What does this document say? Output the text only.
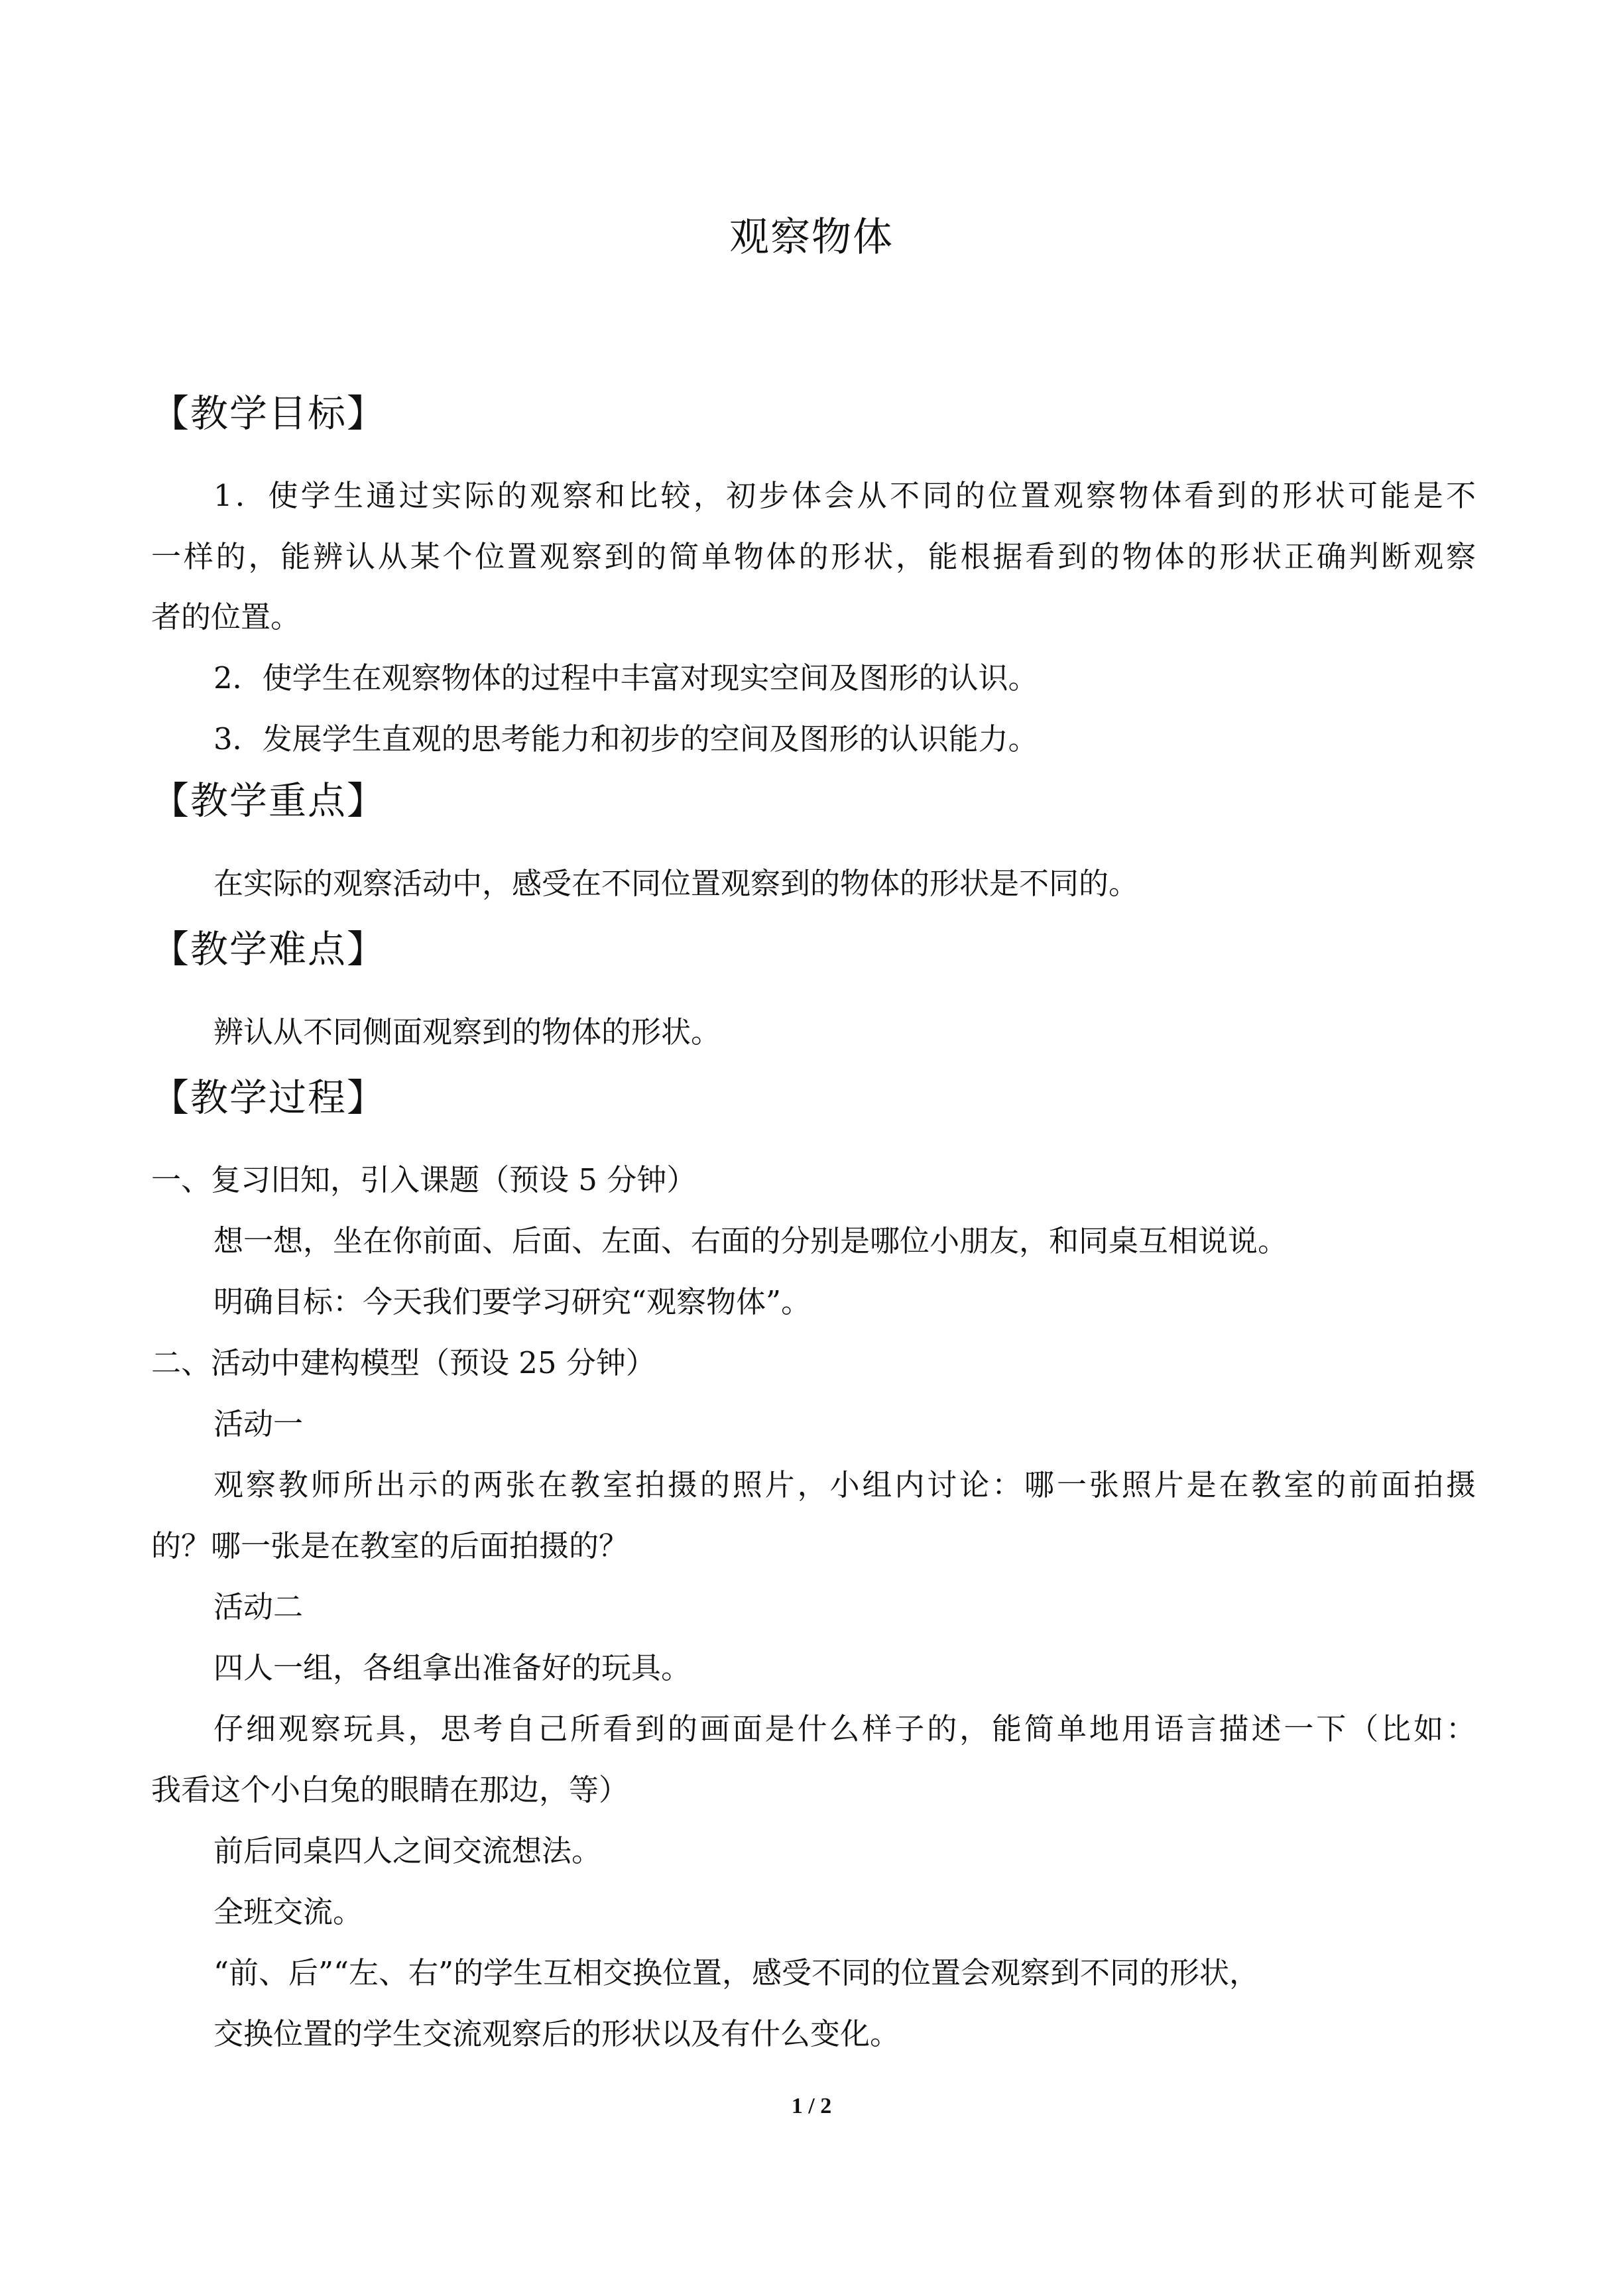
观察物体
【教学目标】
1．使学生通过实际的观察和比较，初步体会从不同的位置观察物体看到的形状可能是不
一样的，能辨认从某个位置观察到的简单物体的形状，能根据看到的物体的形状正确判断观察
者的位置。
2．使学生在观察物体的过程中丰富对现实空间及图形的认识。
3．发展学生直观的思考能力和初步的空间及图形的认识能力。
【教学重点】
在实际的观察活动中，感受在不同位置观察到的物体的形状是不同的。
【教学难点】
辨认从不同侧面观察到的物体的形状。
【教学过程】
一、复习旧知，引入课题（预设 5 分钟）
想一想，坐在你前面、后面、左面、右面的分别是哪位小朋友，和同桌互相说说。
明确目标：今天我们要学习研究“观察物体”。
二、活动中建构模型（预设 25 分钟）
活动一
观察教师所出示的两张在教室拍摄的照片，小组内讨论：哪一张照片是在教室的前面拍摄
的？哪一张是在教室的后面拍摄的？
活动二
四人一组，各组拿出准备好的玩具。
仔细观察玩具，思考自己所看到的画面是什么样子的，能简单地用语言描述一下（比如：
我看这个小白兔的眼睛在那边，等）
前后同桌四人之间交流想法。
全班交流。
“前、后”“左、右”的学生互相交换位置，感受不同的位置会观察到不同的形状，
交换位置的学生交流观察后的形状以及有什么变化。
1 / 2
